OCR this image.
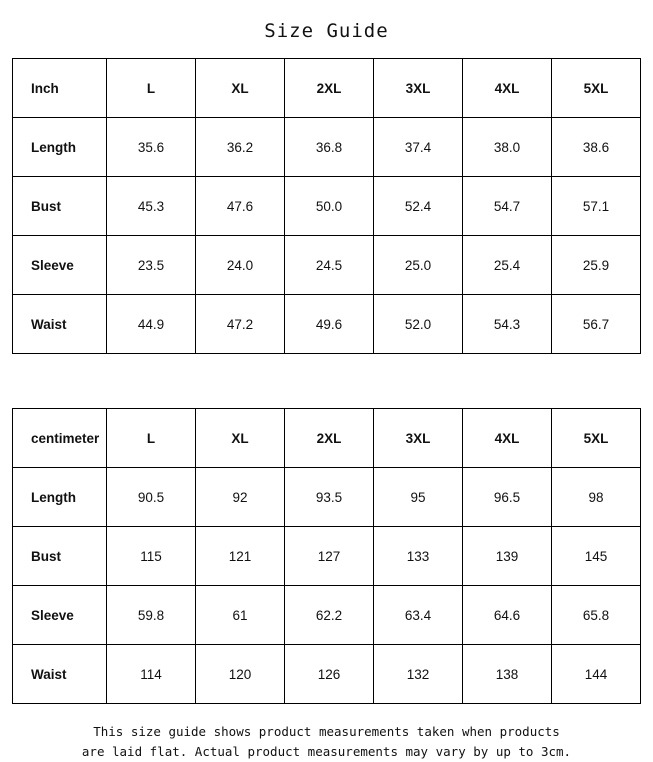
Size Guide
Inch	L	XL	2XL	3XL	4XL	5XL
Length	35.6	36.2	36.8	37.4	38.0	38.6
Bust	45.3	47.6	50.0	52.4	54.7	57.1
Sleeve	23.5	24.0	24.5	25.0	25.4	25.9
Waist	44.9	47.2	49.6	52.0	54.3	56.7
centimeter	L	XL	2XL	3XL	4XL	5XL
Length	90.5	92	93.5	95	96.5	98
Bust	115	121	127	133	139	145
Sleeve	59.8	61	62.2	63.4	64.6	65.8
Waist	114	120	126	132	138	144
This size guide shows product measurements taken when products
are laid flat. Actual product measurements may vary by up to 3cm.
